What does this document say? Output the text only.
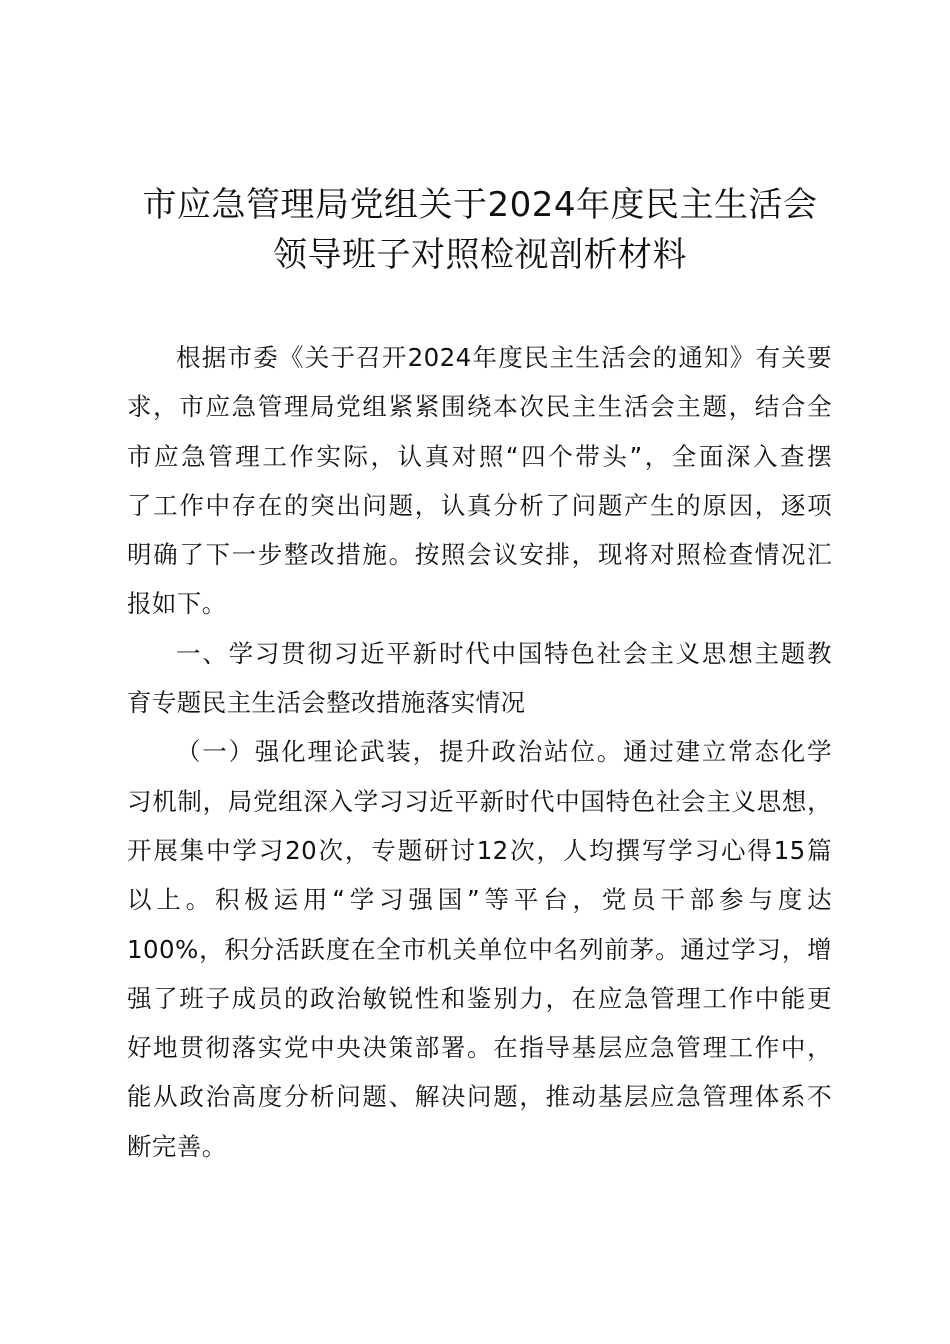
市应急管理局党组关于2024年度民主生活会
领导班子对照检视剖析材料
根据市委《关于召开2024年度民主生活会的通知》有关要
求，市应急管理局党组紧紧围绕本次民主生活会主题，结合全
市应急管理工作实际，认真对照“四个带头”，全面深入查摆
了工作中存在的突出问题，认真分析了问题产生的原因，逐项
明确了下一步整改措施。按照会议安排，现将对照检查情况汇
报如下。
一、学习贯彻习近平新时代中国特色社会主义思想主题教
育专题民主生活会整改措施落实情况
（一）强化理论武装，提升政治站位。通过建立常态化学
习机制，局党组深入学习习近平新时代中国特色社会主义思想，
开展集中学习20次，专题研讨12次，人均撰写学习心得15篇
以上。积极运用“学习强国”等平台，党员干部参与度达
100%，积分活跃度在全市机关单位中名列前茅。通过学习，增
强了班子成员的政治敏锐性和鉴别力，在应急管理工作中能更
好地贯彻落实党中央决策部署。在指导基层应急管理工作中，
能从政治高度分析问题、解决问题，推动基层应急管理体系不
断完善。
